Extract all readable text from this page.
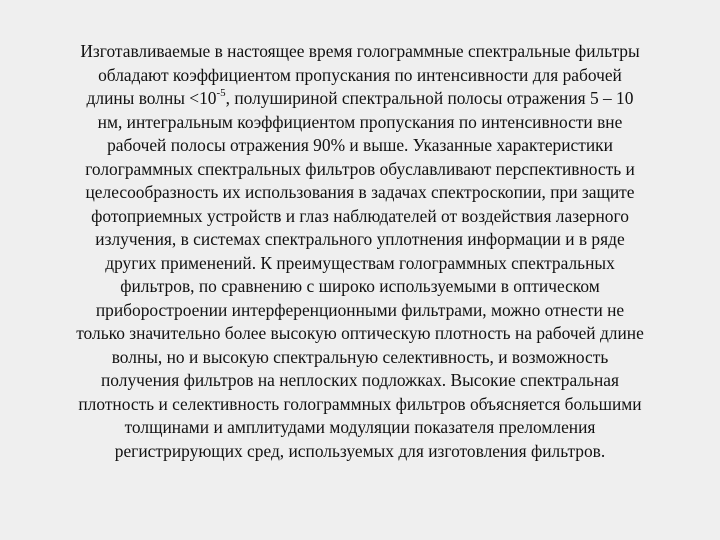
Изготавливаемые в настоящее время голограммные спектральные фильтры
обладают коэффициентом пропускания по интенсивности для рабочей
длины волны $<10^{-5}$, полушириной спектральной полосы отражения 5 – 10
нм, интегральным коэффициентом пропускания по интенсивности вне
рабочей полосы отражения 90% и выше. Указанные характеристики
голограммных спектральных фильтров обуславливают перспективность и
целесообразность их использования в задачах спектроскопии, при защите
фотоприемных устройств и глаз наблюдателей от воздействия лазерного
излучения, в системах спектрального уплотнения информации и в ряде
других применений. К преимуществам голограммных спектральных
фильтров, по сравнению с широко используемыми в оптическом
приборостроении интерференционными фильтрами, можно отнести не
только значительно более высокую оптическую плотность на рабочей длине
волны, но и высокую спектральную селективность, и возможность
получения фильтров на неплоских подложках. Высокие спектральная
плотность и селективность голограммных фильтров объясняется большими
толщинами и амплитудами модуляции показателя преломления
регистрирующих сред, используемых для изготовления фильтров.
